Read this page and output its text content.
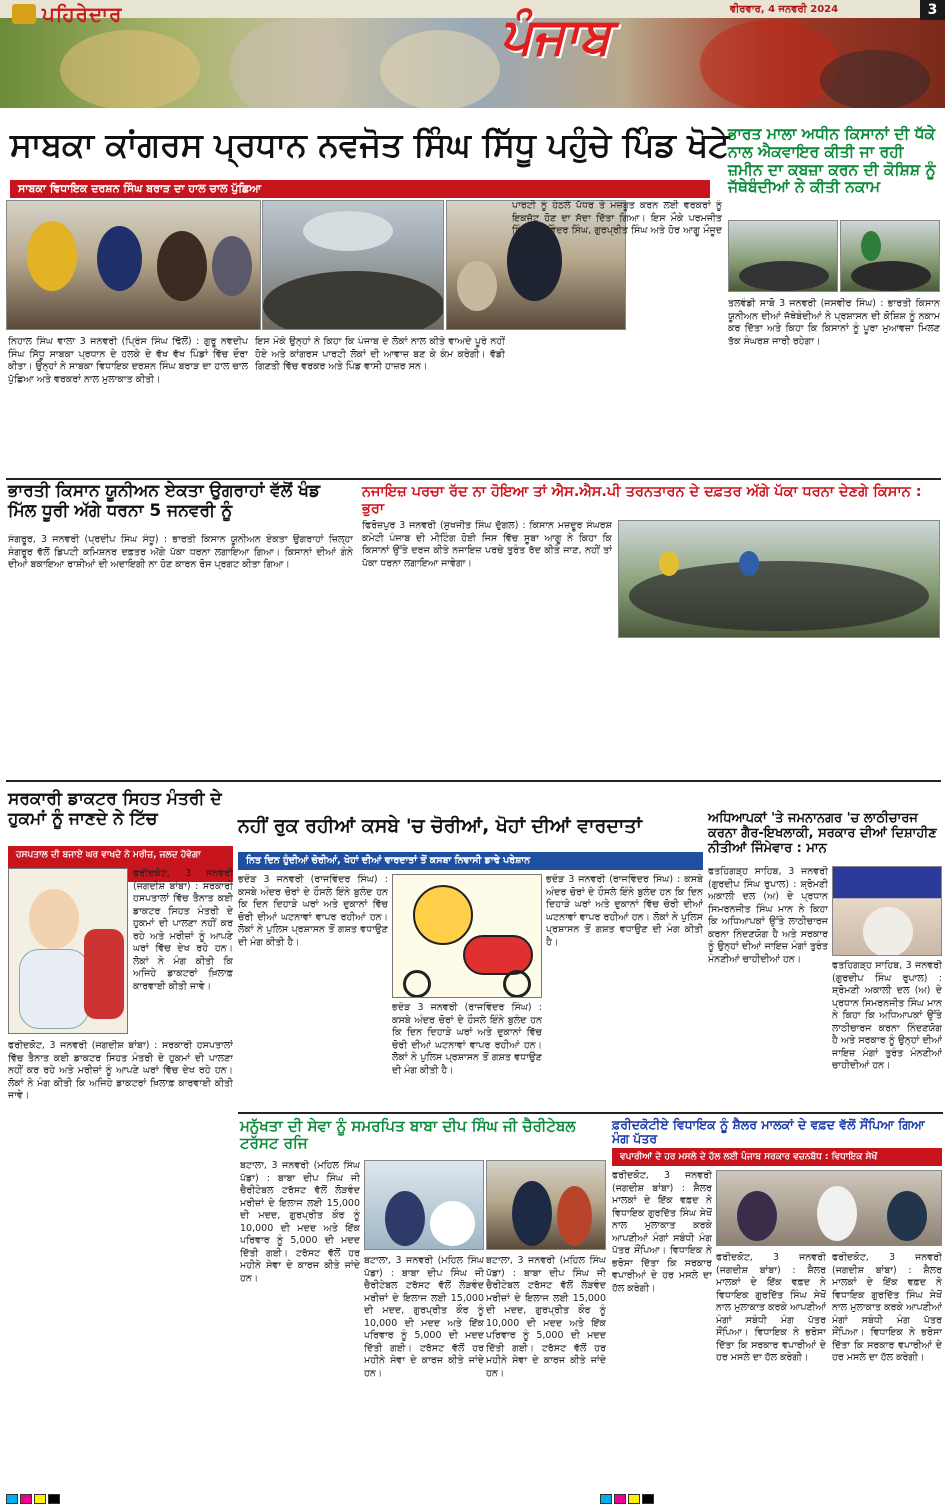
ਪਹਿਰੇਦਾਰ	ਪੰਜਾਬ	ਵੀਰਵਾਰ, 4 ਜਨਵਰੀ 2024	3
ਸਾਬਕਾ ਕਾਂਗਰਸ ਪ੍ਰਧਾਨ ਨਵਜੋਤ ਸਿੰਘ ਸਿੱਧੂ ਪਹੁੰਚੇ ਪਿੰਡ ਖੋਟੇ
ਸਾਬਕਾ ਵਿਧਾਇਕ ਦਰਸ਼ਨ ਸਿੰਘ ਬਰਾੜ ਦਾ ਹਾਲ ਚਾਲ ਪੁੱਛਿਆ
ਨਿਹਾਲ ਸਿੰਘ ਵਾਲਾ 3 ਜਨਵਰੀ (ਪ੍ਰਿੰਸ ਸਿੰਘ ਢਿੱਲੋਂ) : ਗੁਰੂ ਨਵਦੀਪ ਸਿੰਘ ਸਿੱਧੂ ਸਾਬਕਾ ਪ੍ਰਧਾਨ ਦੇ ਹਲਕੇ ਦੇ ਵੱਖ ਵੱਖ ਪਿੰਡਾਂ ਵਿੱਚ ਦੌਰਾ ਕੀਤਾ। ਉਨ੍ਹਾਂ ਨੇ ਸਾਬਕਾ ਵਿਧਾਇਕ ਦਰਸ਼ਨ ਸਿੰਘ ਬਰਾੜ ਦਾ ਹਾਲ ਚਾਲ ਪੁੱਛਿਆ ਅਤੇ ਵਰਕਰਾਂ ਨਾਲ ਮੁਲਾਕਾਤ ਕੀਤੀ।
ਇਸ ਮੌਕੇ ਉਨ੍ਹਾਂ ਨੇ ਕਿਹਾ ਕਿ ਪੰਜਾਬ ਦੇ ਲੋਕਾਂ ਨਾਲ ਕੀਤੇ ਵਾਅਦੇ ਪੂਰੇ ਨਹੀਂ ਹੋਏ ਅਤੇ ਕਾਂਗਰਸ ਪਾਰਟੀ ਲੋਕਾਂ ਦੀ ਆਵਾਜ਼ ਬਣ ਕੇ ਕੰਮ ਕਰੇਗੀ। ਵੱਡੀ ਗਿਣਤੀ ਵਿੱਚ ਵਰਕਰ ਅਤੇ ਪਿੰਡ ਵਾਸੀ ਹਾਜ਼ਰ ਸਨ।
ਪਾਰਟੀ ਨੂੰ ਹੇਠਲੇ ਪੱਧਰ ਤੇ ਮਜ਼ਬੂਤ ਕਰਨ ਲਈ ਵਰਕਰਾਂ ਨੂੰ ਇਕਜੁੱਟ ਹੋਣ ਦਾ ਸੱਦਾ ਦਿੱਤਾ ਗਿਆ। ਇਸ ਮੌਕੇ ਪਰਮਜੀਤ ਸਿੰਘ, ਜਸਵਿੰਦਰ ਸਿੰਘ, ਗੁਰਪ੍ਰੀਤ ਸਿੰਘ ਅਤੇ ਹੋਰ ਆਗੂ ਮੌਜੂਦ ਸਨ।
ਭਾਰਤ ਮਾਲਾ ਅਧੀਨ ਕਿਸਾਨਾਂ ਦੀ ਧੱਕੇ ਨਾਲ ਐਕਵਾਇਰ ਕੀਤੀ ਜਾ ਰਹੀ ਜ਼ਮੀਨ ਦਾ ਕਬਜ਼ਾ ਕਰਨ ਦੀ ਕੋਸ਼ਿਸ਼ ਨੂੰ ਜੱਥੇਬੰਦੀਆਂ ਨੇ ਕੀਤੀ ਨਕਾਮ
ਤਲਵੰਡੀ ਸਾਬੋ 3 ਜਨਵਰੀ (ਜਸਵੀਰ ਸਿੰਘ) : ਭਾਰਤੀ ਕਿਸਾਨ ਯੂਨੀਅਨ ਦੀਆਂ ਜੱਥੇਬੰਦੀਆਂ ਨੇ ਪ੍ਰਸ਼ਾਸਨ ਦੀ ਕੋਸ਼ਿਸ਼ ਨੂੰ ਨਕਾਮ ਕਰ ਦਿੱਤਾ ਅਤੇ ਕਿਹਾ ਕਿ ਕਿਸਾਨਾਂ ਨੂੰ ਪੂਰਾ ਮੁਆਵਜ਼ਾ ਮਿਲਣ ਤੱਕ ਸੰਘਰਸ਼ ਜਾਰੀ ਰਹੇਗਾ।
ਭਾਰਤੀ ਕਿਸਾਨ ਯੂਨੀਅਨ ਏਕਤਾ ਉਗਰਾਹਾਂ ਵੱਲੋਂ ਖੰਡ ਮਿੱਲ ਧੂਰੀ ਅੱਗੇ ਧਰਨਾ 5 ਜਨਵਰੀ ਨੂੰ
ਸੰਗਰੂਰ, 3 ਜਨਵਰੀ (ਪ੍ਰਦੀਪ ਸਿੰਘ ਸੰਧੂ) : ਭਾਰਤੀ ਕਿਸਾਨ ਯੂਨੀਅਨ ਏਕਤਾ ਉਗਰਾਹਾਂ ਜ਼ਿਲ੍ਹਾ ਸੰਗਰੂਰ ਵੱਲੋਂ ਡਿਪਟੀ ਕਮਿਸ਼ਨਰ ਦਫ਼ਤਰ ਅੱਗੇ ਪੱਕਾ ਧਰਨਾ ਲਗਾਇਆ ਗਿਆ। ਕਿਸਾਨਾਂ ਦੀਆਂ ਗੰਨੇ ਦੀਆਂ ਬਕਾਇਆ ਰਾਸ਼ੀਆਂ ਦੀ ਅਦਾਇਗੀ ਨਾ ਹੋਣ ਕਾਰਨ ਰੋਸ ਪ੍ਰਗਟ ਕੀਤਾ ਗਿਆ।
ਨਜਾਇਜ਼ ਪਰਚਾ ਰੱਦ ਨਾ ਹੋਇਆ ਤਾਂ ਐਸ.ਐਸ.ਪੀ ਤਰਨਤਾਰਨ ਦੇ ਦਫ਼ਤਰ ਅੱਗੇ ਪੱਕਾ ਧਰਨਾ ਦੇਣਗੇ ਕਿਸਾਨ : ਭੁਰਾ
ਫਿਰੋਜ਼ਪੁਰ 3 ਜਨਵਰੀ (ਸੁਖਜੀਤ ਸਿੰਘ ਦੁੱਗਲ) : ਕਿਸਾਨ ਮਜ਼ਦੂਰ ਸੰਘਰਸ਼ ਕਮੇਟੀ ਪੰਜਾਬ ਦੀ ਮੀਟਿੰਗ ਹੋਈ ਜਿਸ ਵਿੱਚ ਸੂਬਾ ਆਗੂ ਨੇ ਕਿਹਾ ਕਿ ਕਿਸਾਨਾਂ ਉੱਤੇ ਦਰਜ ਕੀਤੇ ਨਜਾਇਜ਼ ਪਰਚੇ ਤੁਰੰਤ ਰੱਦ ਕੀਤੇ ਜਾਣ, ਨਹੀਂ ਤਾਂ ਪੱਕਾ ਧਰਨਾ ਲਗਾਇਆ ਜਾਵੇਗਾ।
ਸਰਕਾਰੀ ਡਾਕਟਰ ਸਿਹਤ ਮੰਤਰੀ ਦੇ ਹੁਕਮਾਂ ਨੂੰ ਜਾਣਦੇ ਨੇ ਟਿੱਚ
ਹਸਪਤਾਲ ਦੀ ਬਜਾਏ ਘਰ ਵਾਖਦੇ ਨੇ ਮਰੀਜ਼, ਜਲਦ ਹੋਵੇਗਾ
ਫਰੀਦਕੋਟ, 3 ਜਨਵਰੀ (ਜਗਦੀਸ਼ ਬਾਂਬਾ) : ਸਰਕਾਰੀ ਹਸਪਤਾਲਾਂ ਵਿੱਚ ਤੈਨਾਤ ਕਈ ਡਾਕਟਰ ਸਿਹਤ ਮੰਤਰੀ ਦੇ ਹੁਕਮਾਂ ਦੀ ਪਾਲਣਾ ਨਹੀਂ ਕਰ ਰਹੇ ਅਤੇ ਮਰੀਜ਼ਾਂ ਨੂੰ ਆਪਣੇ ਘਰਾਂ ਵਿੱਚ ਦੇਖ ਰਹੇ ਹਨ। ਲੋਕਾਂ ਨੇ ਮੰਗ ਕੀਤੀ ਕਿ ਅਜਿਹੇ ਡਾਕਟਰਾਂ ਖ਼ਿਲਾਫ਼ ਕਾਰਵਾਈ ਕੀਤੀ ਜਾਵੇ।
ਫਰੀਦਕੋਟ, 3 ਜਨਵਰੀ (ਜਗਦੀਸ਼ ਬਾਂਬਾ) : ਸਰਕਾਰੀ ਹਸਪਤਾਲਾਂ ਵਿੱਚ ਤੈਨਾਤ ਕਈ ਡਾਕਟਰ ਸਿਹਤ ਮੰਤਰੀ ਦੇ ਹੁਕਮਾਂ ਦੀ ਪਾਲਣਾ ਨਹੀਂ ਕਰ ਰਹੇ ਅਤੇ ਮਰੀਜ਼ਾਂ ਨੂੰ ਆਪਣੇ ਘਰਾਂ ਵਿੱਚ ਦੇਖ ਰਹੇ ਹਨ। ਲੋਕਾਂ ਨੇ ਮੰਗ ਕੀਤੀ ਕਿ ਅਜਿਹੇ ਡਾਕਟਰਾਂ ਖ਼ਿਲਾਫ਼ ਕਾਰਵਾਈ ਕੀਤੀ ਜਾਵੇ।
ਨਹੀਂ ਰੁਕ ਰਹੀਆਂ ਕਸਬੇ 'ਚ ਚੋਰੀਆਂ, ਖੋਹਾਂ ਦੀਆਂ ਵਾਰਦਾਤਾਂ
ਨਿਤ ਦਿਨ ਹੁੰਦੀਆਂ ਚੋਰੀਆਂ, ਖੋਹਾਂ ਦੀਆਂ ਵਾਰਦਾਤਾਂ ਤੋਂ ਕਸਬਾ ਨਿਵਾਸੀ ਡਾਢੇ ਪਰੇਸ਼ਾਨ
ਭਦੌੜ 3 ਜਨਵਰੀ (ਰਾਜਵਿੰਦਰ ਸਿੰਘ) : ਕਸਬੇ ਅੰਦਰ ਚੋਰਾਂ ਦੇ ਹੌਸਲੇ ਇੰਨੇ ਬੁਲੰਦ ਹਨ ਕਿ ਦਿਨ ਦਿਹਾੜੇ ਘਰਾਂ ਅਤੇ ਦੁਕਾਨਾਂ ਵਿੱਚ ਚੋਰੀ ਦੀਆਂ ਘਟਨਾਵਾਂ ਵਾਪਰ ਰਹੀਆਂ ਹਨ। ਲੋਕਾਂ ਨੇ ਪੁਲਿਸ ਪ੍ਰਸ਼ਾਸਨ ਤੋਂ ਗਸ਼ਤ ਵਧਾਉਣ ਦੀ ਮੰਗ ਕੀਤੀ ਹੈ।
ਭਦੌੜ 3 ਜਨਵਰੀ (ਰਾਜਵਿੰਦਰ ਸਿੰਘ) : ਕਸਬੇ ਅੰਦਰ ਚੋਰਾਂ ਦੇ ਹੌਸਲੇ ਇੰਨੇ ਬੁਲੰਦ ਹਨ ਕਿ ਦਿਨ ਦਿਹਾੜੇ ਘਰਾਂ ਅਤੇ ਦੁਕਾਨਾਂ ਵਿੱਚ ਚੋਰੀ ਦੀਆਂ ਘਟਨਾਵਾਂ ਵਾਪਰ ਰਹੀਆਂ ਹਨ। ਲੋਕਾਂ ਨੇ ਪੁਲਿਸ ਪ੍ਰਸ਼ਾਸਨ ਤੋਂ ਗਸ਼ਤ ਵਧਾਉਣ ਦੀ ਮੰਗ ਕੀਤੀ ਹੈ।
ਭਦੌੜ 3 ਜਨਵਰੀ (ਰਾਜਵਿੰਦਰ ਸਿੰਘ) : ਕਸਬੇ ਅੰਦਰ ਚੋਰਾਂ ਦੇ ਹੌਸਲੇ ਇੰਨੇ ਬੁਲੰਦ ਹਨ ਕਿ ਦਿਨ ਦਿਹਾੜੇ ਘਰਾਂ ਅਤੇ ਦੁਕਾਨਾਂ ਵਿੱਚ ਚੋਰੀ ਦੀਆਂ ਘਟਨਾਵਾਂ ਵਾਪਰ ਰਹੀਆਂ ਹਨ। ਲੋਕਾਂ ਨੇ ਪੁਲਿਸ ਪ੍ਰਸ਼ਾਸਨ ਤੋਂ ਗਸ਼ਤ ਵਧਾਉਣ ਦੀ ਮੰਗ ਕੀਤੀ ਹੈ।
ਅਧਿਆਪਕਾਂ 'ਤੇ ਜਮਨਾਨਗਰ 'ਚ ਲਾਠੀਚਾਰਜ ਕਰਨਾ ਗੈਰ-ਇਖਲਾਕੀ, ਸਰਕਾਰ ਦੀਆਂ ਦਿਸ਼ਾਹੀਣ ਨੀਤੀਆਂ ਜਿੰਮੇਵਾਰ : ਮਾਨ
ਫਤਹਿਗੜ੍ਹ ਸਾਹਿਬ, 3 ਜਨਵਰੀ (ਗੁਰਦੀਪ ਸਿੰਘ ਰੁਪਾਲ) : ਸ਼੍ਰੋਮਣੀ ਅਕਾਲੀ ਦਲ (ਅ) ਦੇ ਪ੍ਰਧਾਨ ਸਿਮਰਨਜੀਤ ਸਿੰਘ ਮਾਨ ਨੇ ਕਿਹਾ ਕਿ ਅਧਿਆਪਕਾਂ ਉੱਤੇ ਲਾਠੀਚਾਰਜ ਕਰਨਾ ਨਿੰਦਣਯੋਗ ਹੈ ਅਤੇ ਸਰਕਾਰ ਨੂੰ ਉਨ੍ਹਾਂ ਦੀਆਂ ਜਾਇਜ਼ ਮੰਗਾਂ ਤੁਰੰਤ ਮੰਨਣੀਆਂ ਚਾਹੀਦੀਆਂ ਹਨ।
ਫਤਹਿਗੜ੍ਹ ਸਾਹਿਬ, 3 ਜਨਵਰੀ (ਗੁਰਦੀਪ ਸਿੰਘ ਰੁਪਾਲ) : ਸ਼੍ਰੋਮਣੀ ਅਕਾਲੀ ਦਲ (ਅ) ਦੇ ਪ੍ਰਧਾਨ ਸਿਮਰਨਜੀਤ ਸਿੰਘ ਮਾਨ ਨੇ ਕਿਹਾ ਕਿ ਅਧਿਆਪਕਾਂ ਉੱਤੇ ਲਾਠੀਚਾਰਜ ਕਰਨਾ ਨਿੰਦਣਯੋਗ ਹੈ ਅਤੇ ਸਰਕਾਰ ਨੂੰ ਉਨ੍ਹਾਂ ਦੀਆਂ ਜਾਇਜ਼ ਮੰਗਾਂ ਤੁਰੰਤ ਮੰਨਣੀਆਂ ਚਾਹੀਦੀਆਂ ਹਨ।
ਮਨੁੱਖਤਾ ਦੀ ਸੇਵਾ ਨੂੰ ਸਮਰਪਿਤ ਬਾਬਾ ਦੀਪ ਸਿੰਘ ਜੀ ਚੈਰੀਟੇਬਲ ਟਰੱਸਟ ਰਜਿ
ਬਟਾਲਾ, 3 ਜਨਵਰੀ (ਮਹਿਲ ਸਿੰਘ ਪੱਡਾ) : ਬਾਬਾ ਦੀਪ ਸਿੰਘ ਜੀ ਚੈਰੀਟੇਬਲ ਟਰੱਸਟ ਵੱਲੋਂ ਲੋੜਵੰਦ ਮਰੀਜ਼ਾਂ ਦੇ ਇਲਾਜ ਲਈ 15,000 ਦੀ ਮਦਦ, ਗੁਰਪ੍ਰੀਤ ਕੌਰ ਨੂੰ 10,000 ਦੀ ਮਦਦ ਅਤੇ ਇੱਕ ਪਰਿਵਾਰ ਨੂੰ 5,000 ਦੀ ਮਦਦ ਦਿੱਤੀ ਗਈ। ਟਰੱਸਟ ਵੱਲੋਂ ਹਰ ਮਹੀਨੇ ਸੇਵਾ ਦੇ ਕਾਰਜ ਕੀਤੇ ਜਾਂਦੇ ਹਨ।
ਬਟਾਲਾ, 3 ਜਨਵਰੀ (ਮਹਿਲ ਸਿੰਘ ਪੱਡਾ) : ਬਾਬਾ ਦੀਪ ਸਿੰਘ ਜੀ ਚੈਰੀਟੇਬਲ ਟਰੱਸਟ ਵੱਲੋਂ ਲੋੜਵੰਦ ਮਰੀਜ਼ਾਂ ਦੇ ਇਲਾਜ ਲਈ 15,000 ਦੀ ਮਦਦ, ਗੁਰਪ੍ਰੀਤ ਕੌਰ ਨੂੰ 10,000 ਦੀ ਮਦਦ ਅਤੇ ਇੱਕ ਪਰਿਵਾਰ ਨੂੰ 5,000 ਦੀ ਮਦਦ ਦਿੱਤੀ ਗਈ। ਟਰੱਸਟ ਵੱਲੋਂ ਹਰ ਮਹੀਨੇ ਸੇਵਾ ਦੇ ਕਾਰਜ ਕੀਤੇ ਜਾਂਦੇ ਹਨ।
ਬਟਾਲਾ, 3 ਜਨਵਰੀ (ਮਹਿਲ ਸਿੰਘ ਪੱਡਾ) : ਬਾਬਾ ਦੀਪ ਸਿੰਘ ਜੀ ਚੈਰੀਟੇਬਲ ਟਰੱਸਟ ਵੱਲੋਂ ਲੋੜਵੰਦ ਮਰੀਜ਼ਾਂ ਦੇ ਇਲਾਜ ਲਈ 15,000 ਦੀ ਮਦਦ, ਗੁਰਪ੍ਰੀਤ ਕੌਰ ਨੂੰ 10,000 ਦੀ ਮਦਦ ਅਤੇ ਇੱਕ ਪਰਿਵਾਰ ਨੂੰ 5,000 ਦੀ ਮਦਦ ਦਿੱਤੀ ਗਈ। ਟਰੱਸਟ ਵੱਲੋਂ ਹਰ ਮਹੀਨੇ ਸੇਵਾ ਦੇ ਕਾਰਜ ਕੀਤੇ ਜਾਂਦੇ ਹਨ।
ਫ਼ਰੀਦਕੋਟੀਏ ਵਿਧਾਇਕ ਨੂੰ ਸ਼ੈਲਰ ਮਾਲਕਾਂ ਦੇ ਵਫ਼ਦ ਵੱਲੋਂ ਸੌਂਪਿਆ ਗਿਆ ਮੰਗ ਪੱਤਰ
ਵਪਾਰੀਆਂ ਦੇ ਹਰ ਮਸਲੇ ਦੇ ਹੱਲ ਲਈ ਪੰਜਾਬ ਸਰਕਾਰ ਵਚਨਬੱਧ : ਵਿਧਾਇਕ ਸੇਖੋਂ
ਫਰੀਦਕੋਟ, 3 ਜਨਵਰੀ (ਜਗਦੀਸ਼ ਬਾਂਬਾ) : ਸ਼ੈਲਰ ਮਾਲਕਾਂ ਦੇ ਇੱਕ ਵਫ਼ਦ ਨੇ ਵਿਧਾਇਕ ਗੁਰਦਿੱਤ ਸਿੰਘ ਸੇਖੋਂ ਨਾਲ ਮੁਲਾਕਾਤ ਕਰਕੇ ਆਪਣੀਆਂ ਮੰਗਾਂ ਸਬੰਧੀ ਮੰਗ ਪੱਤਰ ਸੌਂਪਿਆ। ਵਿਧਾਇਕ ਨੇ ਭਰੋਸਾ ਦਿੱਤਾ ਕਿ ਸਰਕਾਰ ਵਪਾਰੀਆਂ ਦੇ ਹਰ ਮਸਲੇ ਦਾ ਹੱਲ ਕਰੇਗੀ।
ਫਰੀਦਕੋਟ, 3 ਜਨਵਰੀ (ਜਗਦੀਸ਼ ਬਾਂਬਾ) : ਸ਼ੈਲਰ ਮਾਲਕਾਂ ਦੇ ਇੱਕ ਵਫ਼ਦ ਨੇ ਵਿਧਾਇਕ ਗੁਰਦਿੱਤ ਸਿੰਘ ਸੇਖੋਂ ਨਾਲ ਮੁਲਾਕਾਤ ਕਰਕੇ ਆਪਣੀਆਂ ਮੰਗਾਂ ਸਬੰਧੀ ਮੰਗ ਪੱਤਰ ਸੌਂਪਿਆ। ਵਿਧਾਇਕ ਨੇ ਭਰੋਸਾ ਦਿੱਤਾ ਕਿ ਸਰਕਾਰ ਵਪਾਰੀਆਂ ਦੇ ਹਰ ਮਸਲੇ ਦਾ ਹੱਲ ਕਰੇਗੀ।
ਫਰੀਦਕੋਟ, 3 ਜਨਵਰੀ (ਜਗਦੀਸ਼ ਬਾਂਬਾ) : ਸ਼ੈਲਰ ਮਾਲਕਾਂ ਦੇ ਇੱਕ ਵਫ਼ਦ ਨੇ ਵਿਧਾਇਕ ਗੁਰਦਿੱਤ ਸਿੰਘ ਸੇਖੋਂ ਨਾਲ ਮੁਲਾਕਾਤ ਕਰਕੇ ਆਪਣੀਆਂ ਮੰਗਾਂ ਸਬੰਧੀ ਮੰਗ ਪੱਤਰ ਸੌਂਪਿਆ। ਵਿਧਾਇਕ ਨੇ ਭਰੋਸਾ ਦਿੱਤਾ ਕਿ ਸਰਕਾਰ ਵਪਾਰੀਆਂ ਦੇ ਹਰ ਮਸਲੇ ਦਾ ਹੱਲ ਕਰੇਗੀ।
